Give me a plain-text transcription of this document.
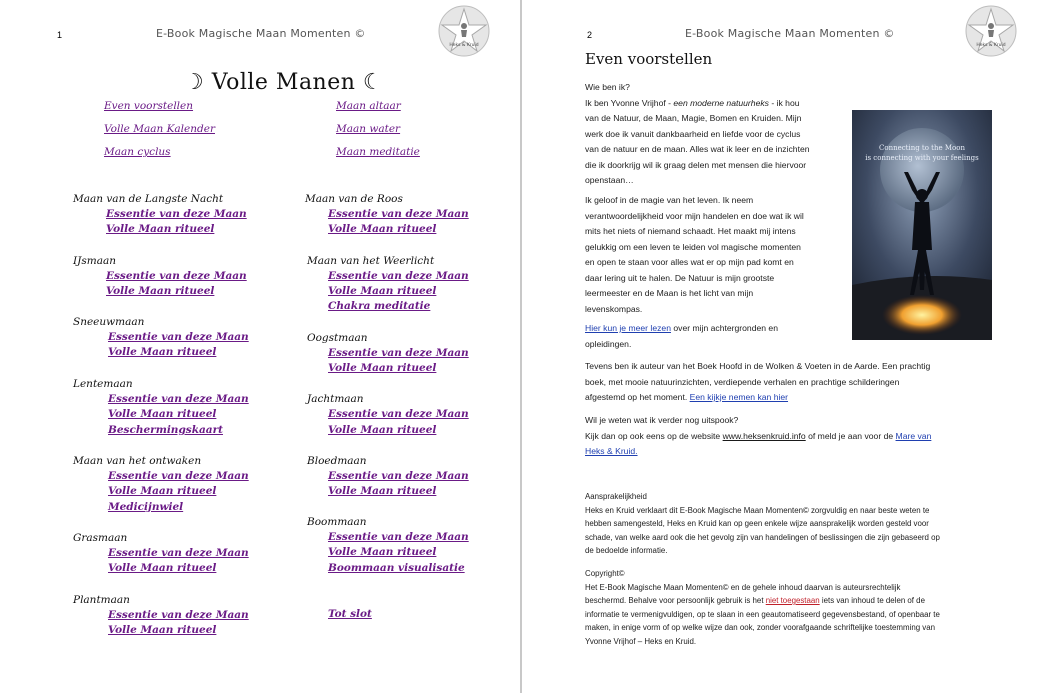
1	E-Book Magische Maan Momenten ©
Heks & Kruid
☽ Volle Manen ☾
Even voorstellen
Volle Maan Kalender
Maan cyclus
Maan altaar
Maan water
Maan meditatie
Maan van de Langste Nacht
Essentie van deze Maan
Volle Maan ritueel
IJsmaan
Essentie van deze Maan
Volle Maan ritueel
Sneeuwmaan
Essentie van deze Maan
Volle Maan ritueel
Lentemaan
Essentie van deze Maan
Volle Maan ritueel
Beschermingskaart
Maan van het ontwaken
Essentie van deze Maan
Volle Maan ritueel
Medicijnwiel
Grasmaan
Essentie van deze Maan
Volle Maan ritueel
Plantmaan
Essentie van deze Maan
Volle Maan ritueel
Maan van de Roos
Essentie van deze Maan
Volle Maan ritueel
Maan van het Weerlicht
Essentie van deze Maan
Volle Maan ritueel
Chakra meditatie
Oogstmaan
Essentie van deze Maan
Volle Maan ritueel
Jachtmaan
Essentie van deze Maan
Volle Maan ritueel
Bloedmaan
Essentie van deze Maan
Volle Maan ritueel
Boommaan
Essentie van deze Maan
Volle Maan ritueel
Boommaan visualisatie
Tot slot
2	E-Book Magische Maan Momenten ©
Heks & Kruid
Even voorstellen
Wie ben ik?
Ik ben Yvonne Vrijhof - een moderne natuurheks - ik hou
van de Natuur, de Maan, Magie, Bomen en Kruiden. Mijn
werk doe ik vanuit dankbaarheid en liefde voor de cyclus
van de natuur en de maan. Alles wat ik leer en de inzichten
die ik doorkrijg wil ik graag delen met mensen die hiervoor
openstaan…
Ik geloof in de magie van het leven. Ik neem
verantwoordelijkheid voor mijn handelen en doe wat ik wil
mits het niets of niemand schaadt. Het maakt mij intens
gelukkig om een leven te leiden vol magische momenten
en open te staan voor alles wat er op mijn pad komt en
daar lering uit te halen. De Natuur is mijn grootste
leermeester en de Maan is het licht van mijn
levenskompas.
Hier kun je meer lezen over mijn achtergronden en
opleidingen.
Tevens ben ik auteur van het Boek Hoofd in de Wolken & Voeten in de Aarde. Een prachtig
boek, met mooie natuurinzichten, verdiepende verhalen en prachtige schilderingen
afgestemd op het moment. Een kijkje nemen kan hier
Wil je weten wat ik verder nog uitspook?
Kijk dan op ook eens op de website www.heksenkruid.info of meld je aan voor de Mare van
Heks & Kruid.
Connecting to the Moon
is connecting with your feelings
Aansprakelijkheid
Heks en Kruid verklaart dit E-Book Magische Maan Momenten© zorgvuldig en naar beste weten te
hebben samengesteld, Heks en Kruid kan op geen enkele wijze aansprakelijk worden gesteld voor
schade, van welke aard ook die het gevolg zijn van handelingen of beslissingen die zijn gebaseerd op
de bedoelde informatie.
Copyright©
Het E-Book Magische Maan Momenten© en de gehele inhoud daarvan is auteursrechtelijk
beschermd. Behalve voor persoonlijk gebruik is het niet toegestaan iets van inhoud te delen of de
informatie te vermenigvuldigen, op te slaan in een geautomatiseerd gegevensbestand, of openbaar te
maken, in enige vorm of op welke wijze dan ook, zonder voorafgaande schriftelijke toestemming van
Yvonne Vrijhof – Heks en Kruid.
